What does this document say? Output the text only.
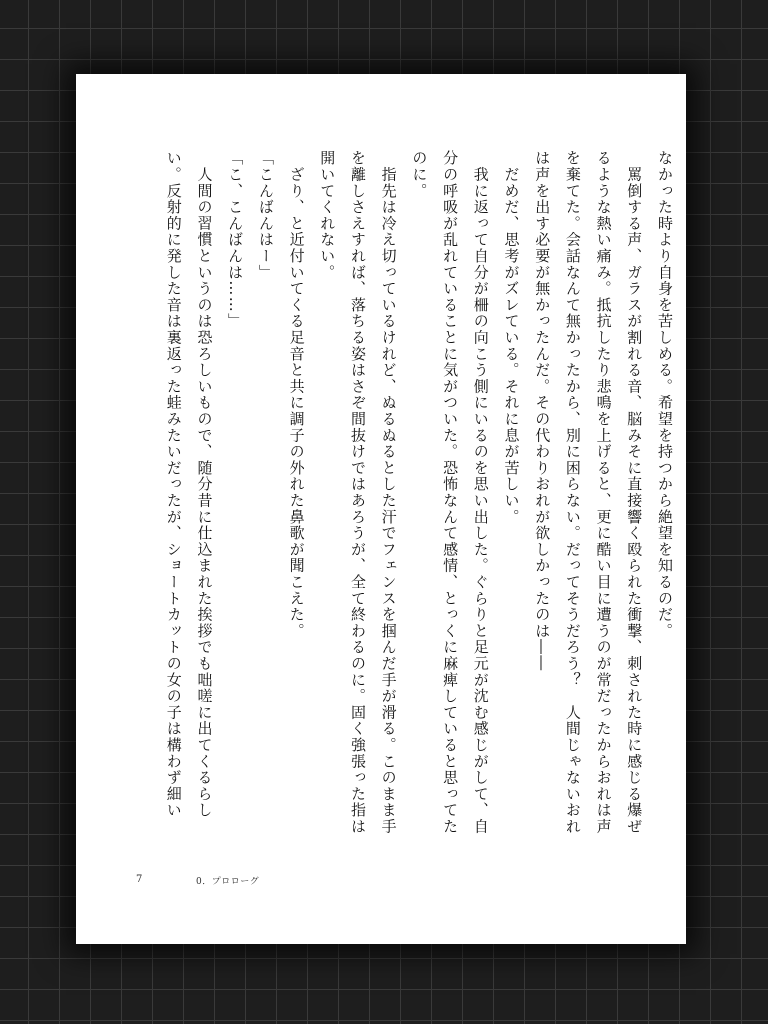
なかった時より自身を苦しめる。希望を持つから絶望を知るのだ。

　罵倒する声、ガラスが割れる音、脳みそに直接響く殴られた衝撃、刺された時に感じる爆ぜるような熱い痛み。抵抗したり悲鳴を上げると、更に酷い目に遭うのが常だったからおれは声を棄てた。会話なんて無かったから、別に困らない。だってそうだろう？　人間じゃないおれは声を出す必要が無かったんだ。その代わりおれが欲しかったのは――

　だめだ、思考がズレている。それに息が苦しい。

　我に返って自分が柵の向こう側にいるのを思い出した。ぐらりと足元が沈む感じがして、自分の呼吸が乱れていることに気がついた。恐怖なんて感情、とっくに麻痺していると思ってたのに。

　指先は冷え切っているけれど、ぬるぬるとした汗でフェンスを掴んだ手が滑る。このまま手を離しさえすれば、落ちる姿はさぞ間抜けではあろうが、全て終わるのに。固く強張った指は開いてくれない。

　ざり、と近付いてくる足音と共に調子の外れた鼻歌が聞こえた。

「こんばんはー」

「こ、こんばんは……」

　人間の習慣というのは恐ろしいもので、随分昔に仕込まれた挨拶でも咄嗟に出てくるらしい。反射的に発した音は裏返った蛙みたいだったが、ショートカットの女の子は構わず細い

7	0．プロローグ
